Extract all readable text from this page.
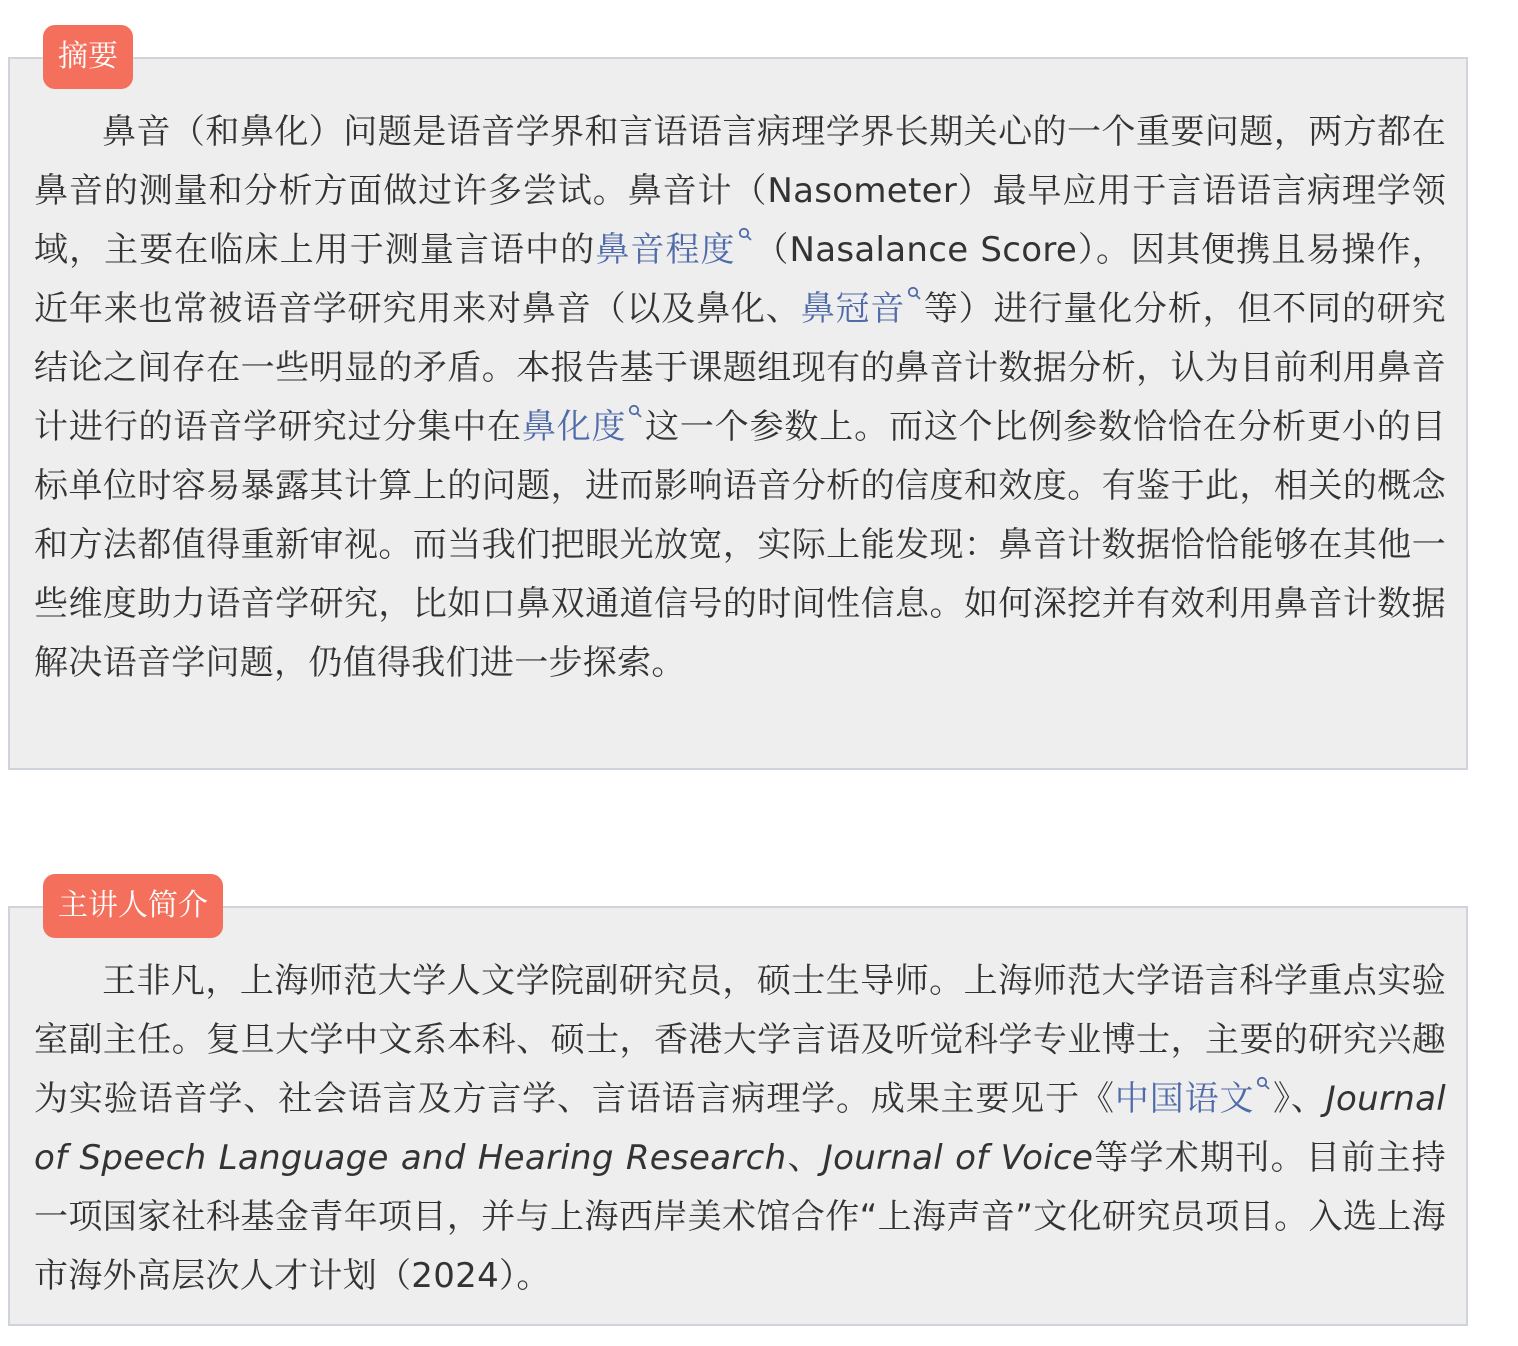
鼻音（和鼻化）问题是语音学界和言语语言病理学界长期关心的一个重要问题，两方都在鼻音的测量和分析方面做过许多尝试。鼻音计（Nasometer）最早应用于言语语言病理学领域，主要在临床上用于测量言语中的鼻音程度 （Nasalance Score）。因其便携且易操作，近年来也常被语音学研究用来对鼻音（以及鼻化、鼻冠音 等）进行量化分析，但不同的研究结论之间存在一些明显的矛盾。本报告基于课题组现有的鼻音计数据分析，认为目前利用鼻音计进行的语音学研究过分集中在鼻化度 这一个参数上。而这个比例参数恰恰在分析更小的目标单位时容易暴露其计算上的问题，进而影响语音分析的信度和效度。有鉴于此，相关的概念和方法都值得重新审视。而当我们把眼光放宽，实际上能发现：鼻音计数据恰恰能够在其他一些维度助力语音学研究，比如口鼻双通道信号的时间性信息。如何深挖并有效利用鼻音计数据解决语音学问题，仍值得我们进一步探索。

摘要

王非凡，上海师范大学人文学院副研究员，硕士生导师。上海师范大学语言科学重点实验室副主任。复旦大学中文系本科、硕士，香港大学言语及听觉科学专业博士，主要的研究兴趣为实验语音学、社会语言及方言学、言语语言病理学。成果主要见于《中国语文 》、Journal of Speech Language and Hearing Research、Journal of Voice等学术期刊。目前主持一项国家社科基金青年项目，并与上海西岸美术馆合作“上海声音”文化研究员项目。入选上海市海外高层次人才计划（2024）。

主讲人简介
